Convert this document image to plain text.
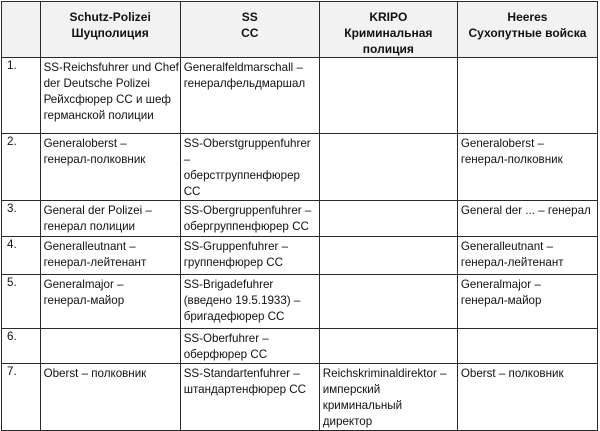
	Schutz-Polizei
Шуцполиция	SS
СС	KRIPO
Криминальная
полиция	Heeres
Сухопутные войска

1.	SS-Reichsfuhrer und Chef
der Deutsche Polizei
Рейхсфюрер СС и шеф
германской полиции	Generalfeldmarschall –
генералфельдмаршал		

2.	Generaloberst –
генерал-полковник	SS-Oberstgruppenfuhrer –
оберстгруппенфюрер СС		Generaloberst –
генерал-полковник

3.	General der Polizei –
генерал полиции	SS-Obergruppenfuhrer –
обергруппенфюрер СС		General der ... – генерал

4.	Generalleutnant –
генерал-лейтенант	SS-Gruppenfuhrer –
группенфюрер СС		Generalleutnant –
генерал-лейтенант

5.	Generalmajor –
генерал-майор	SS-Brigadefuhrer
(введено 19.5.1933) –
бригадефюрер СС		Generalmajor –
генерал-майор

6.		SS-Oberfuhrer –
оберфюрер СС		

7.	Oberst – полковник	SS-Standartenfuhrer –
штандартенфюрер СС	Reichskriminaldirektor –
имперский криминальный
директор	Oberst – полковник
